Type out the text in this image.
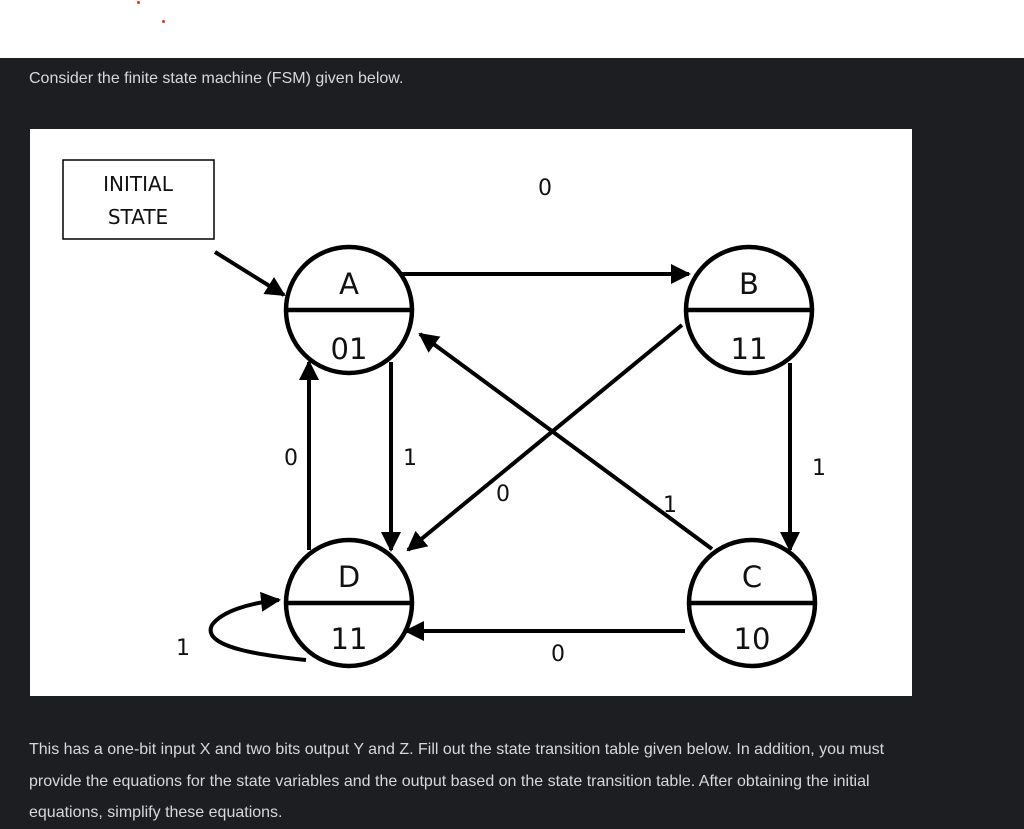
Consider the finite state machine (FSM) given below.
INITIAL
STATE
A
01
B
11
C
10
D
11
0
1
0
1
1
0	1
0
This has a one-bit input X and two bits output Y and Z. Fill out the state transition table given below. In addition, you must provide the equations for the state variables and the output based on the state transition table. After obtaining the initial equations, simplify these equations.
